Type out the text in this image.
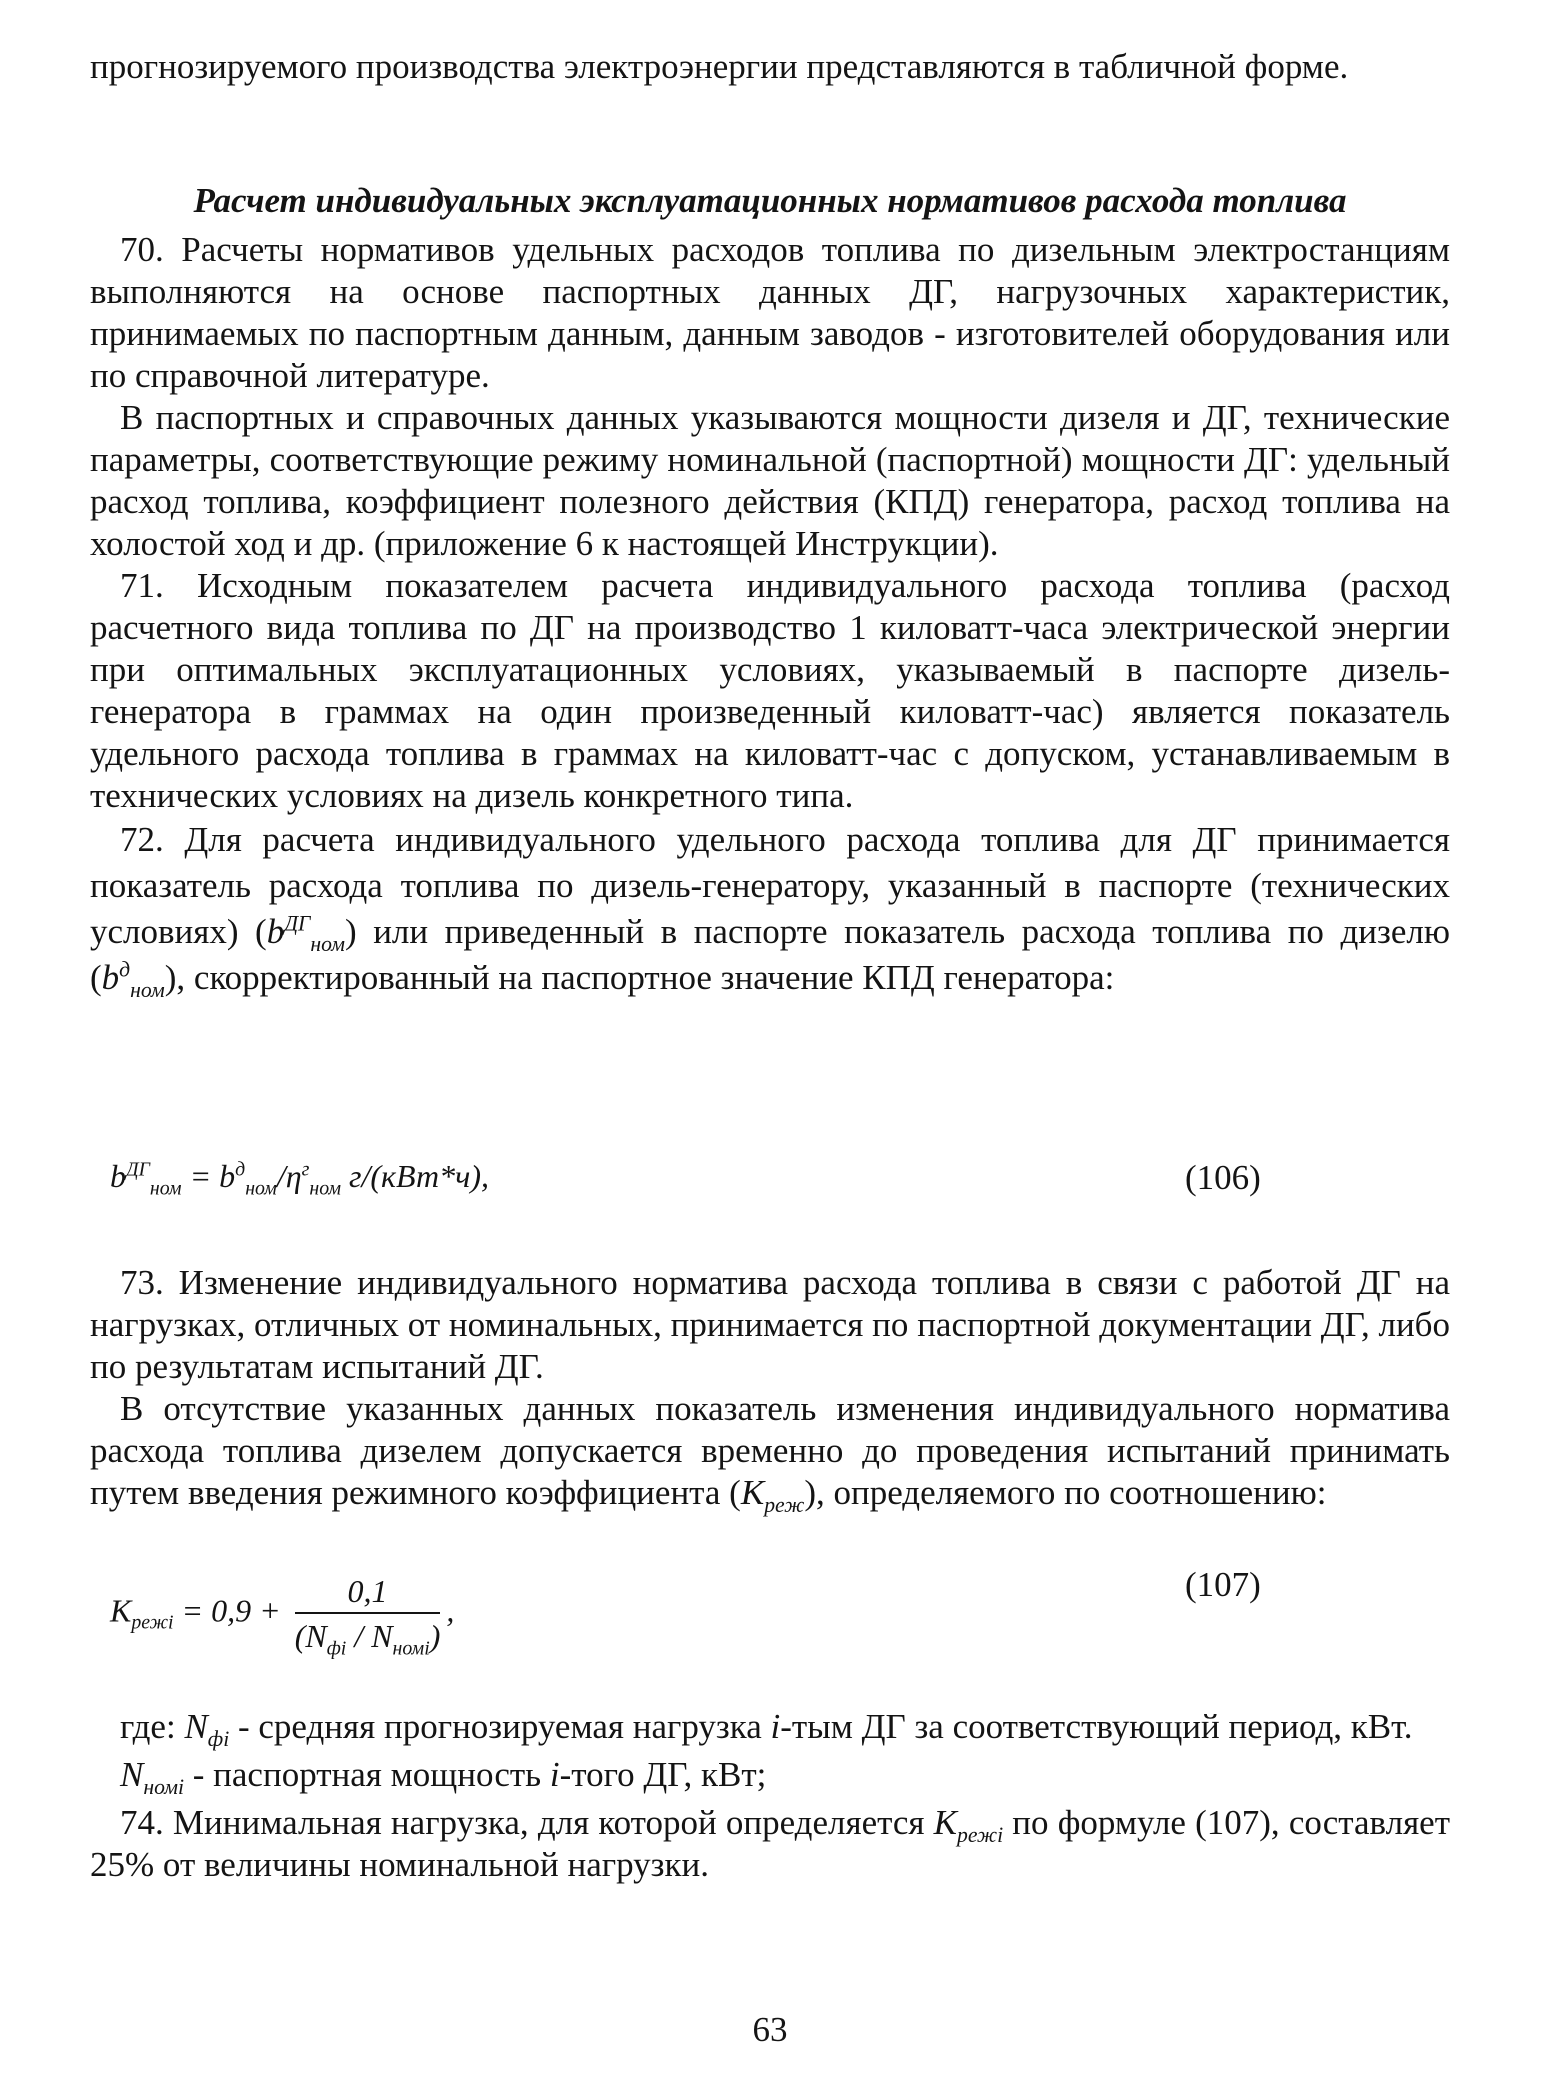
прогнозируемого производства электроэнергии представляются в табличной форме.

Расчет индивидуальных эксплуатационных нормативов расхода топлива

70. Расчеты нормативов удельных расходов топлива по дизельным электростанциям выполняются на основе паспортных данных ДГ, нагрузочных характеристик, принимаемых по паспортным данным, данным заводов - изготовителей оборудования или по справочной литературе.

В паспортных и справочных данных указываются мощности дизеля и ДГ, технические параметры, соответствующие режиму номинальной (паспортной) мощности ДГ: удельный расход топлива, коэффициент полезного действия (КПД) генератора, расход топлива на холостой ход и др. (приложение 6 к настоящей Инструкции).

71. Исходным показателем расчета индивидуального расхода топлива (расход расчетного вида топлива по ДГ на производство 1 киловатт-часа электрической энергии при оптимальных эксплуатационных условиях, указываемый в паспорте дизель-генератора в граммах на один произведенный киловатт-час) является показатель удельного расхода топлива в граммах на киловатт-час с допуском, устанавливаемым в технических условиях на дизель конкретного типа.

72. Для расчета индивидуального удельного расхода топлива для ДГ принимается показатель расхода топлива по дизель-генератору, указанный в паспорте (технических условиях) $(b^{ДГ}_{ном})$ или приведенный в паспорте показатель расхода топлива по дизелю $(b^д_{ном})$, скорректированный на паспортное значение КПД генератора:

$b^{ДГ}_{ном} = b^д_{ном}/\eta^г_{ном}$ г/(кВт*ч),	(106)

73. Изменение индивидуального норматива расхода топлива в связи с работой ДГ на нагрузках, отличных от номинальных, принимается по паспортной документации ДГ, либо по результатам испытаний ДГ.

В отсутствие указанных данных показатель изменения индивидуального норматива расхода топлива дизелем допускается временно до проведения испытаний принимать путем введения режимного коэффициента $(K_{реж})$, определяемого по соотношению:

$K_{режi} = 0,9 + \frac{0,1}{(N_{фi} / N_{номi})}$ ,
(107)

где: $N_{фi}$ - средняя прогнозируемая нагрузка i-тым ДГ за соответствующий период, кВт.

$N_{номi}$ - паспортная мощность i-того ДГ, кВт;

74. Минимальная нагрузка, для которой определяется $K_{режi}$ по формуле (107), составляет 25% от величины номинальной нагрузки.

63
